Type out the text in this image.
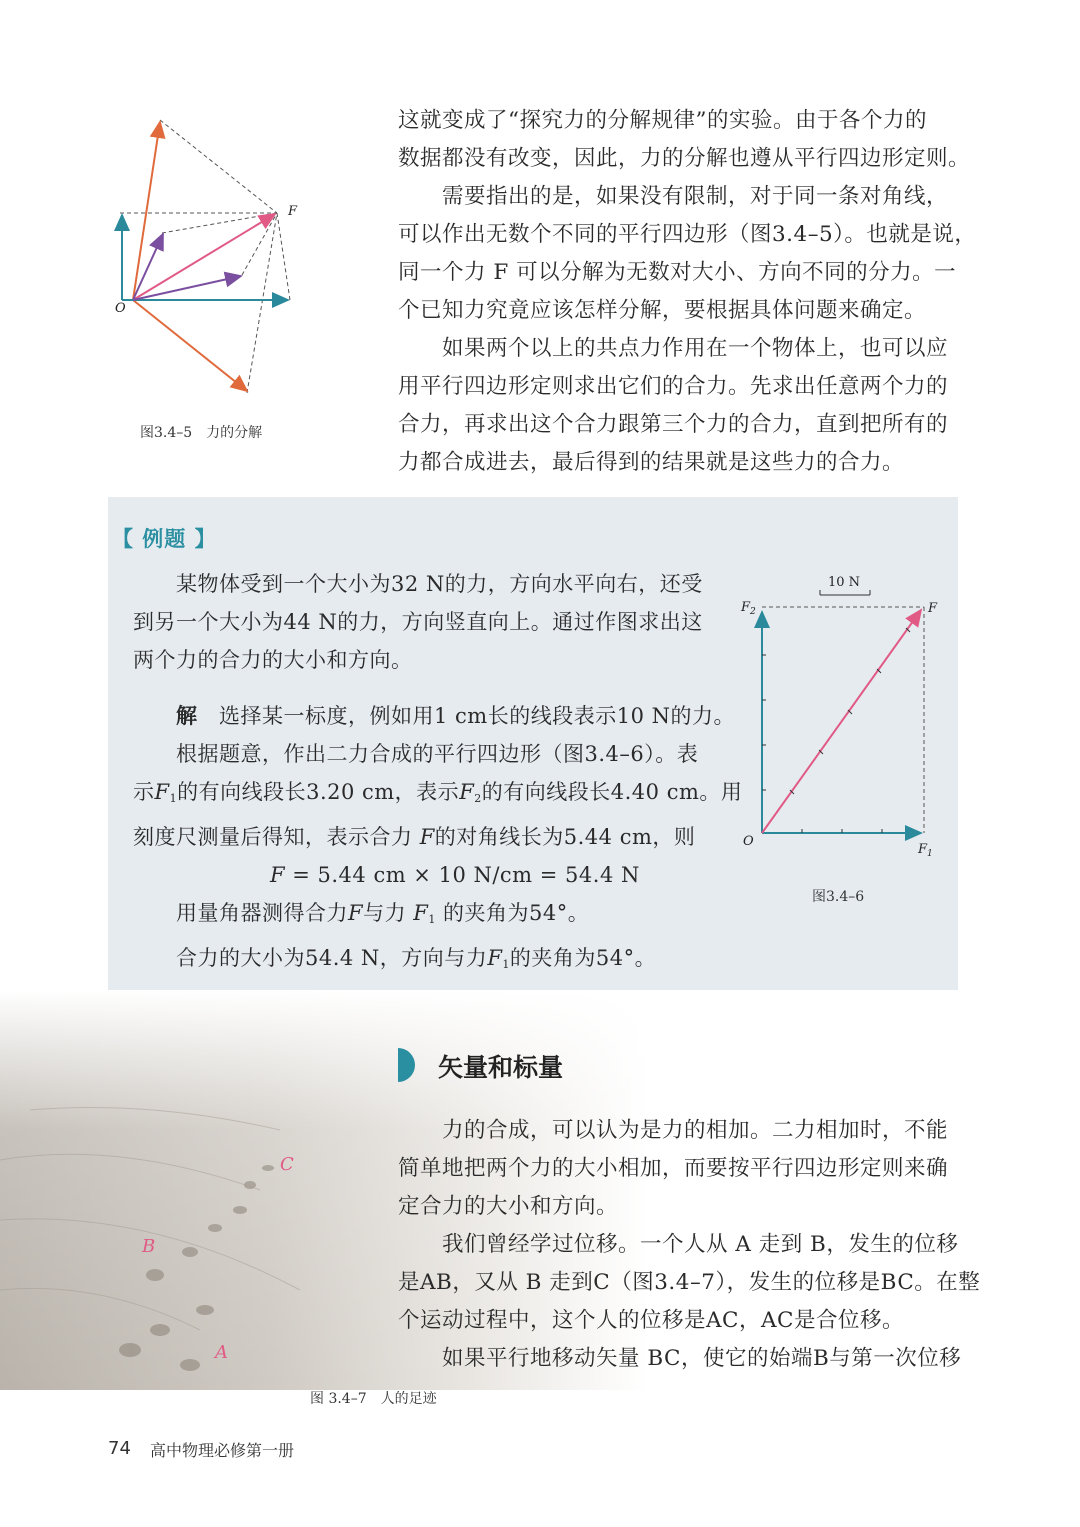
O
F
图3.4–5　力的分解
这就变成了“探究力的分解规律”的实验。由于各个力的
数据都没有改变，因此，力的分解也遵从平行四边形定则。
　　需要指出的是，如果没有限制，对于同一条对角线，
可以作出无数个不同的平行四边形（图3.4–5）。也就是说，
同一个力 F 可以分解为无数对大小、方向不同的分力。一
个已知力究竟应该怎样分解，要根据具体问题来确定。
　　如果两个以上的共点力作用在一个物体上，也可以应
用平行四边形定则求出它们的合力。先求出任意两个力的
合力，再求出这个合力跟第三个力的合力，直到把所有的
力都合成进去，最后得到的结果就是这些力的合力。
【 例题 】
　　某物体受到一个大小为32 N的力，方向水平向右，还受
到另一个大小为44 N的力，方向竖直向上。通过作图求出这
两个力的合力的大小和方向。
　　解　选择某一标度，例如用1 cm长的线段表示10 N的力。
　　根据题意，作出二力合成的平行四边形（图3.4–6）。表
示$F_1$的有向线段长3.20 cm，表示$F_2$的有向线段长4.40 cm。用
刻度尺测量后得知，表示合力 F的对角线长为5.44 cm，则
F = 5.44 cm × 10 N/cm = 54.4 N
　　用量角器测得合力F与力 $F_1$ 的夹角为54°。
　　合力的大小为54.4 N，方向与力$F_1$的夹角为54°。
10 N
$F_2$	F
O
$F_1$
图3.4–6
C
B
A
图 3.4–7　人的足迹
矢量和标量
　　力的合成，可以认为是力的相加。二力相加时，不能
简单地把两个力的大小相加，而要按平行四边形定则来确
定合力的大小和方向。
　　我们曾经学过位移。一个人从 A 走到 B，发生的位移
是AB，又从 B 走到C（图3.4–7），发生的位移是BC。在整
个运动过程中，这个人的位移是AC，AC是合位移。
　　如果平行地移动矢量 BC，使它的始端B与第一次位移
74 高中物理必修第一册
